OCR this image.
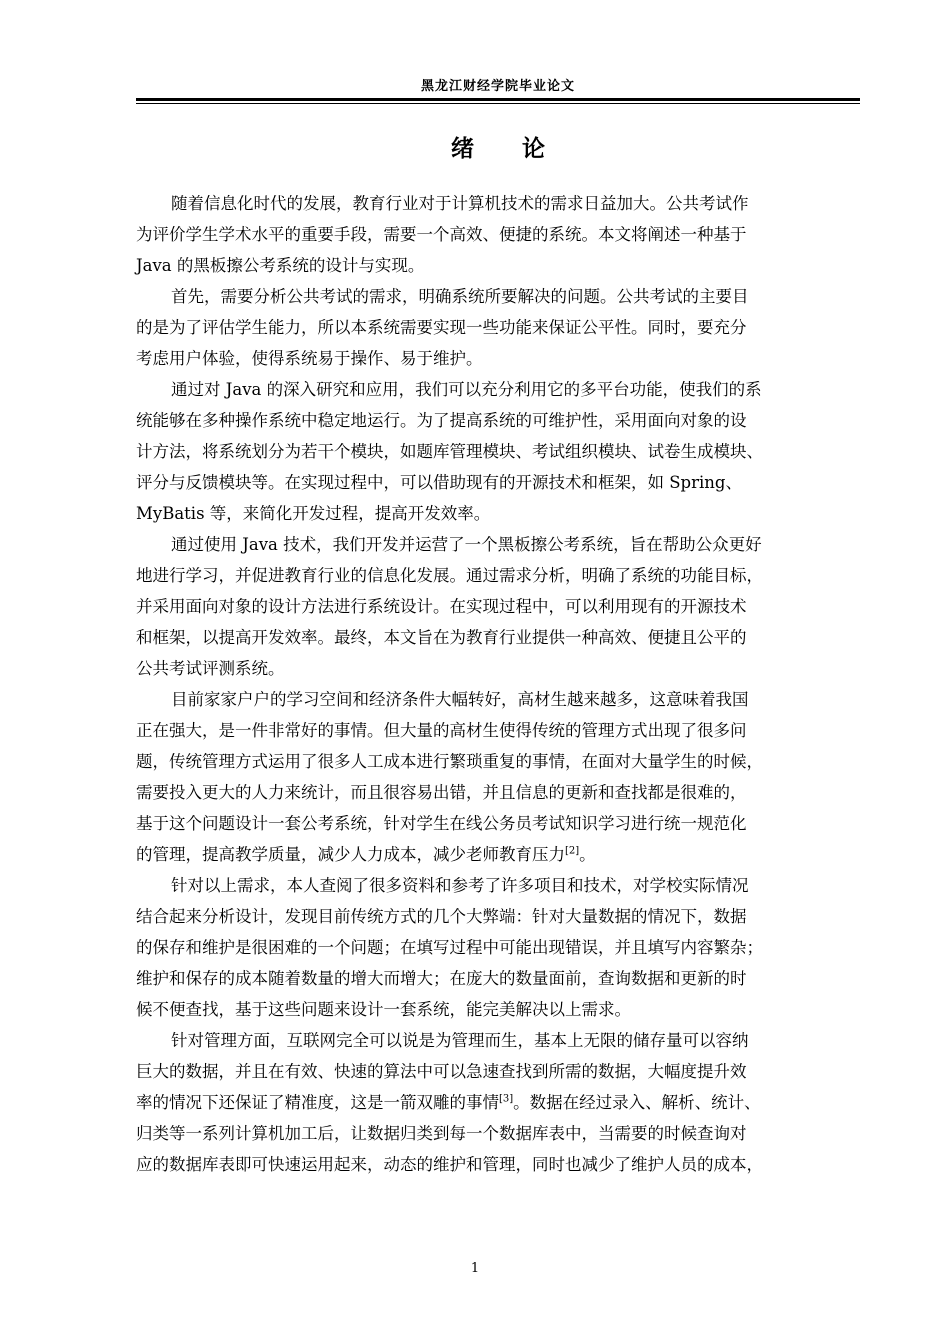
黑龙江财经学院毕业论文
绪论

随着信息化时代的发展，教育行业对于计算机技术的需求日益加大。公共考试作
为评价学生学术水平的重要手段，需要一个高效、便捷的系统。本文将阐述一种基于
Java 的黑板擦公考系统的设计与实现。

首先，需要分析公共考试的需求，明确系统所要解决的问题。公共考试的主要目
的是为了评估学生能力，所以本系统需要实现一些功能来保证公平性。同时，要充分
考虑用户体验，使得系统易于操作、易于维护。

通过对 Java 的深入研究和应用，我们可以充分利用它的多平台功能，使我们的系
统能够在多种操作系统中稳定地运行。为了提高系统的可维护性，采用面向对象的设
计方法，将系统划分为若干个模块，如题库管理模块、考试组织模块、试卷生成模块、
评分与反馈模块等。在实现过程中，可以借助现有的开源技术和框架，如 Spring、
MyBatis 等，来简化开发过程，提高开发效率。

通过使用 Java 技术，我们开发并运营了一个黑板擦公考系统，旨在帮助公众更好
地进行学习，并促进教育行业的信息化发展。通过需求分析，明确了系统的功能目标，
并采用面向对象的设计方法进行系统设计。在实现过程中，可以利用现有的开源技术
和框架，以提高开发效率。最终，本文旨在为教育行业提供一种高效、便捷且公平的
公共考试评测系统。

目前家家户户的学习空间和经济条件大幅转好，高材生越来越多，这意味着我国
正在强大，是一件非常好的事情。但大量的高材生使得传统的管理方式出现了很多问
题，传统管理方式运用了很多人工成本进行繁琐重复的事情，在面对大量学生的时候，
需要投入更大的人力来统计，而且很容易出错，并且信息的更新和查找都是很难的，
基于这个问题设计一套公考系统，针对学生在线公务员考试知识学习进行统一规范化
的管理，提高教学质量，减少人力成本，减少老师教育压力[2]。

针对以上需求，本人查阅了很多资料和参考了许多项目和技术，对学校实际情况
结合起来分析设计，发现目前传统方式的几个大弊端：针对大量数据的情况下，数据
的保存和维护是很困难的一个问题；在填写过程中可能出现错误，并且填写内容繁杂；
维护和保存的成本随着数量的增大而增大；在庞大的数量面前，查询数据和更新的时
候不便查找，基于这些问题来设计一套系统，能完美解决以上需求。

针对管理方面，互联网完全可以说是为管理而生，基本上无限的储存量可以容纳
巨大的数据，并且在有效、快速的算法中可以急速查找到所需的数据，大幅度提升效
率的情况下还保证了精准度，这是一箭双雕的事情[3]。数据在经过录入、解析、统计、
归类等一系列计算机加工后，让数据归类到每一个数据库表中，当需要的时候查询对
应的数据库表即可快速运用起来，动态的维护和管理，同时也减少了维护人员的成本，

1
